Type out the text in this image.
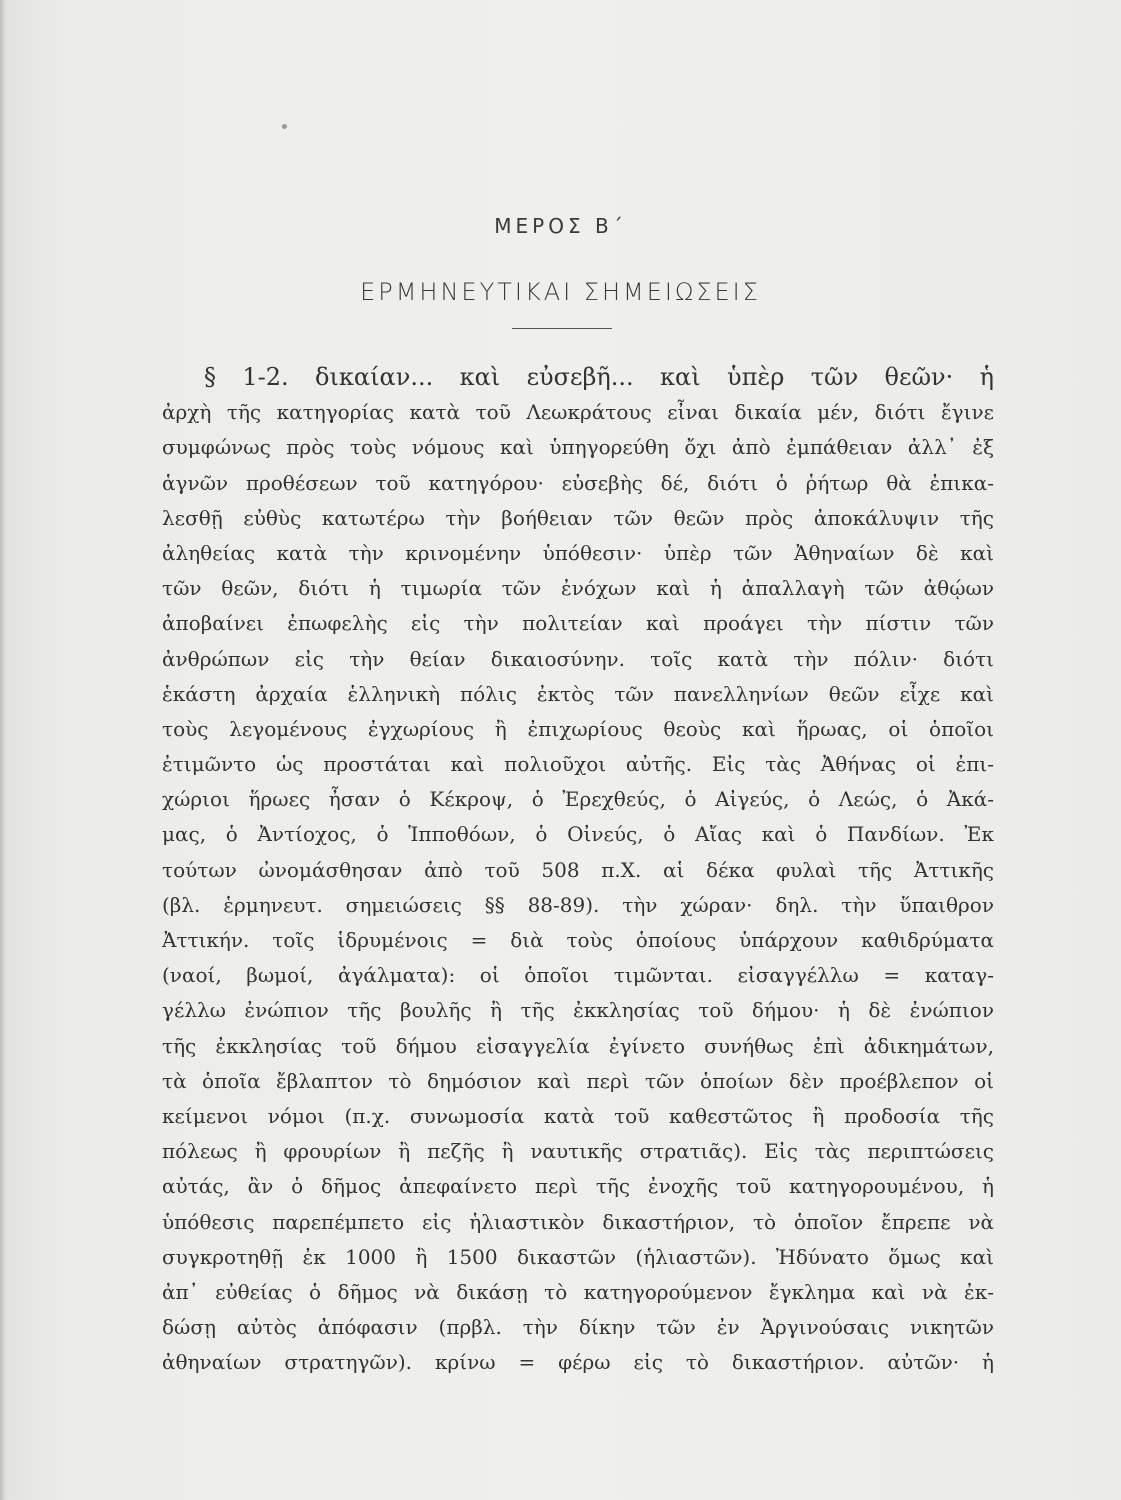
ΜΕΡΟΣ Β΄
ΕΡΜΗΝΕΥΤΙΚΑΙ ΣΗΜΕΙΩΣΕΙΣ
§ 1-2. δικαίαν... καὶ εὐσεβῆ... καὶ ὑπὲρ τῶν θεῶν· ἡ
ἀρχὴ τῆς κατηγορίας κατὰ τοῦ Λεωκράτους εἶναι δικαία μέν, διότι ἔγινε
συμφώνως πρὸς τοὺς νόμους καὶ ὑπηγορεύθη ὄχι ἀπὸ ἐμπάθειαν ἀλλ᾽ ἐξ
ἁγνῶν προθέσεων τοῦ κατηγόρου· εὐσεβὴς δέ, διότι ὁ ῥήτωρ θὰ ἐπικα-
λεσθῇ εὐθὺς κατωτέρω τὴν βοήθειαν τῶν θεῶν πρὸς ἀποκάλυψιν τῆς
ἀληθείας κατὰ τὴν κρινομένην ὑπόθεσιν· ὑπὲρ τῶν Ἀθηναίων δὲ καὶ
τῶν θεῶν, διότι ἡ τιμωρία τῶν ἐνόχων καὶ ἡ ἀπαλλαγὴ τῶν ἀθῴων
ἀποβαίνει ἐπωφελὴς εἰς τὴν πολιτείαν καὶ προάγει τὴν πίστιν τῶν
ἀνθρώπων εἰς τὴν θείαν δικαιοσύνην. τοῖς κατὰ τὴν πόλιν· διότι
ἑκάστη ἀρχαία ἑλληνικὴ πόλις ἐκτὸς τῶν πανελληνίων θεῶν εἶχε καὶ
τοὺς λεγομένους ἐγχωρίους ἢ ἐπιχωρίους θεοὺς καὶ ἥρωας, οἱ ὁποῖοι
ἐτιμῶντο ὡς προστάται καὶ πολιοῦχοι αὐτῆς. Εἰς τὰς Ἀθήνας οἱ ἐπι-
χώριοι ἥρωες ἦσαν ὁ Κέκροψ, ὁ Ἐρεχθεύς, ὁ Αἰγεύς, ὁ Λεώς, ὁ Ἀκά-
μας, ὁ Ἀντίοχος, ὁ Ἱπποθόων, ὁ Οἰνεύς, ὁ Αἴας καὶ ὁ Πανδίων. Ἐκ
τούτων ὠνομάσθησαν ἀπὸ τοῦ 508 π.Χ. αἱ δέκα φυλαὶ τῆς Ἀττικῆς
(βλ. ἑρμηνευτ. σημειώσεις §§ 88-89). τὴν χώραν· δηλ. τὴν ὕπαιθρον
Ἀττικήν. τοῖς ἱδρυμένοις = διὰ τοὺς ὁποίους ὑπάρχουν καθιδρύματα
(ναοί, βωμοί, ἀγάλματα): οἱ ὁποῖοι τιμῶνται. εἰσαγγέλλω = καταγ-
γέλλω ἐνώπιον τῆς βουλῆς ἢ τῆς ἐκκλησίας τοῦ δήμου· ἡ δὲ ἐνώπιον
τῆς ἐκκλησίας τοῦ δήμου εἰσαγγελία ἐγίνετο συνήθως ἐπὶ ἀδικημάτων,
τὰ ὁποῖα ἔβλαπτον τὸ δημόσιον καὶ περὶ τῶν ὁποίων δὲν προέβλεπον οἱ
κείμενοι νόμοι (π.χ. συνωμοσία κατὰ τοῦ καθεστῶτος ἢ προδοσία τῆς
πόλεως ἢ φρουρίων ἢ πεζῆς ἢ ναυτικῆς στρατιᾶς). Εἰς τὰς περιπτώσεις
αὐτάς, ἂν ὁ δῆμος ἀπεφαίνετο περὶ τῆς ἐνοχῆς τοῦ κατηγορουμένου, ἡ
ὑπόθεσις παρεπέμπετο εἰς ἡλιαστικὸν δικαστήριον, τὸ ὁποῖον ἔπρεπε νὰ
συγκροτηθῇ ἐκ 1000 ἢ 1500 δικαστῶν (ἡλιαστῶν). Ἠδύνατο ὅμως καὶ
ἀπ᾽ εὐθείας ὁ δῆμος νὰ δικάσῃ τὸ κατηγορούμενον ἔγκλημα καὶ νὰ ἐκ-
δώσῃ αὐτὸς ἀπόφασιν (πρβλ. τὴν δίκην τῶν ἐν Ἀργινούσαις νικητῶν
ἀθηναίων στρατηγῶν). κρίνω = φέρω εἰς τὸ δικαστήριον. αὐτῶν· ἡ
